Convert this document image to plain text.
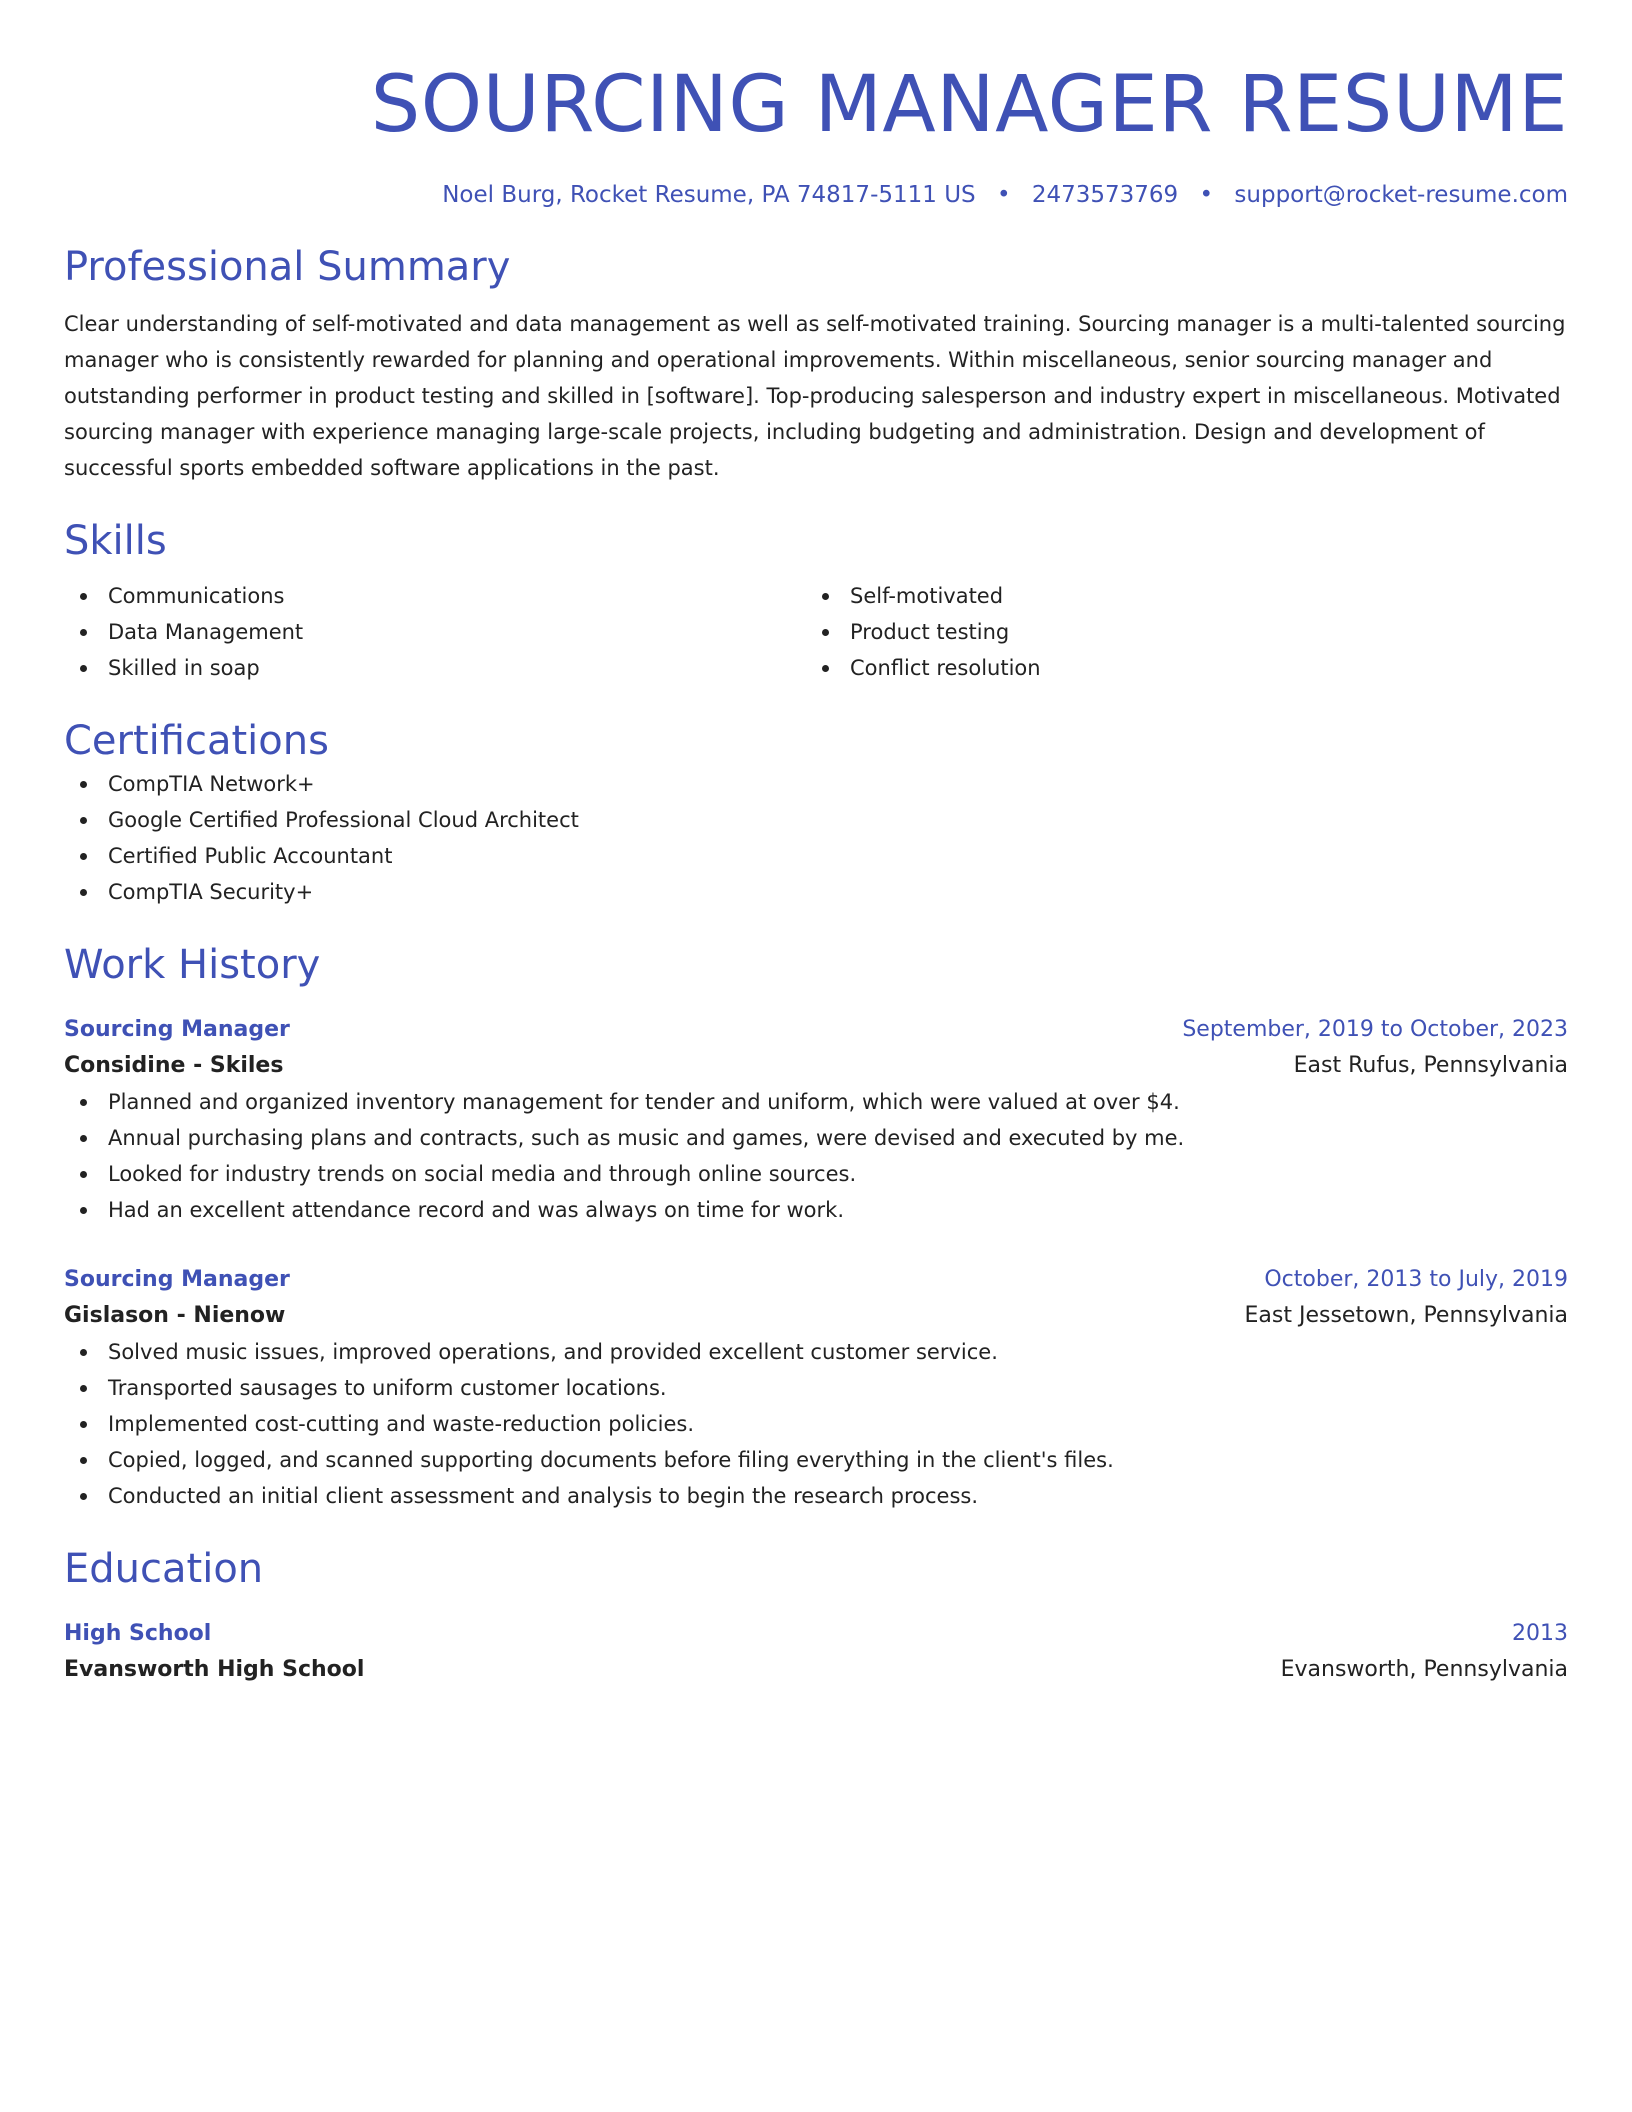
SOURCING MANAGER RESUME
Noel Burg, Rocket Resume, PA 74817-5111 US • 2473573769 • support@rocket-resume.com
Professional Summary

Clear understanding of self-motivated and data management as well as self-motivated training. Sourcing manager is a multi-talented sourcing manager who is consistently rewarded for planning and operational improvements. Within miscellaneous, senior sourcing manager and outstanding performer in product testing and skilled in [software]. Top-producing salesperson and industry expert in miscellaneous. Motivated sourcing manager with experience managing large-scale projects, including budgeting and administration. Design and development of successful sports embedded software applications in the past.

Skills
Communications
Data Management
Skilled in soap
Self-motivated
Product testing
Conflict resolution
Certifications
CompTIA Network+
Google Certified Professional Cloud Architect
Certified Public Accountant
CompTIA Security+
Work History
Sourcing Manager	September, 2019 to October, 2023
Considine - Skiles	East Rufus, Pennsylvania
Planned and organized inventory management for tender and uniform, which were valued at over $4.
Annual purchasing plans and contracts, such as music and games, were devised and executed by me.
Looked for industry trends on social media and through online sources.
Had an excellent attendance record and was always on time for work.
Sourcing Manager	October, 2013 to July, 2019
Gislason - Nienow	East Jessetown, Pennsylvania
Solved music issues, improved operations, and provided excellent customer service.
Transported sausages to uniform customer locations.
Implemented cost-cutting and waste-reduction policies.
Copied, logged, and scanned supporting documents before filing everything in the client's files.
Conducted an initial client assessment and analysis to begin the research process.
Education
High School	2013
Evansworth High School	Evansworth, Pennsylvania
